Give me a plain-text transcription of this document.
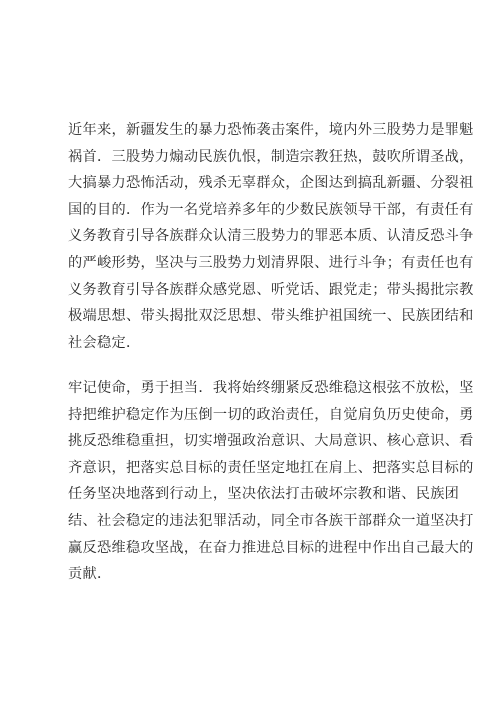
近年来，新疆发生的暴力恐怖袭击案件，境内外三股势力是罪魁
祸首．三股势力煽动民族仇恨，制造宗教狂热，鼓吹所谓圣战，
大搞暴力恐怖活动，残杀无辜群众，企图达到搞乱新疆、分裂祖
国的目的．作为一名党培养多年的少数民族领导干部，有责任有
义务教育引导各族群众认清三股势力的罪恶本质、认清反恐斗争
的严峻形势，坚决与三股势力划清界限、进行斗争；有责任也有
义务教育引导各族群众感党恩、听党话、跟党走；带头揭批宗教
极端思想、带头揭批双泛思想、带头维护祖国统一、民族团结和
社会稳定．

牢记使命，勇于担当．我将始终绷紧反恐维稳这根弦不放松，坚
持把维护稳定作为压倒一切的政治责任，自觉肩负历史使命，勇
挑反恐维稳重担，切实增强政治意识、大局意识、核心意识、看
齐意识，把落实总目标的责任坚定地扛在肩上、把落实总目标的
任务坚决地落到行动上，坚决依法打击破坏宗教和谐、民族团
结、社会稳定的违法犯罪活动，同全市各族干部群众一道坚决打
赢反恐维稳攻坚战，在奋力推进总目标的进程中作出自己最大的
贡献．
